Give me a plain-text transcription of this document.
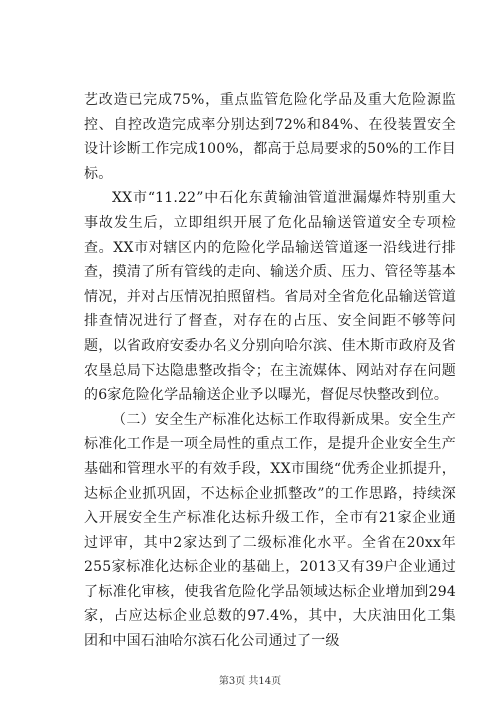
艺改造已完成75%，重点监管危险化学品及重大危险源监控、自控改造完成率分别达到72%和84%、在役装置安全设计诊断工作完成100%，都高于总局要求的50%的工作目标。

XX市“11.22”中石化东黄输油管道泄漏爆炸特别重大事故发生后，立即组织开展了危化品输送管道安全专项检查。XX市对辖区内的危险化学品输送管道逐一沿线进行排查，摸清了所有管线的走向、输送介质、压力、管径等基本情况，并对占压情况拍照留档。省局对全省危化品输送管道排查情况进行了督查，对存在的占压、安全间距不够等问题，以省政府安委办名义分别向哈尔滨、佳木斯市政府及省农垦总局下达隐患整改指令；在主流媒体、网站对存在问题的6家危险化学品输送企业予以曝光，督促尽快整改到位。

（二）安全生产标准化达标工作取得新成果。安全生产标准化工作是一项全局性的重点工作，是提升企业安全生产基础和管理水平的有效手段，XX市围绕“优秀企业抓提升，达标企业抓巩固，不达标企业抓整改”的工作思路，持续深入开展安全生产标准化达标升级工作，全市有21家企业通过评审，其中2家达到了二级标准化水平。全省在20xx年255家标准化达标企业的基础上，2013又有39户企业通过了标准化审核，使我省危险化学品领域达标企业增加到294家，占应达标企业总数的97.4%，其中，大庆油田化工集团和中国石油哈尔滨石化公司通过了一级

第3页 共14页
